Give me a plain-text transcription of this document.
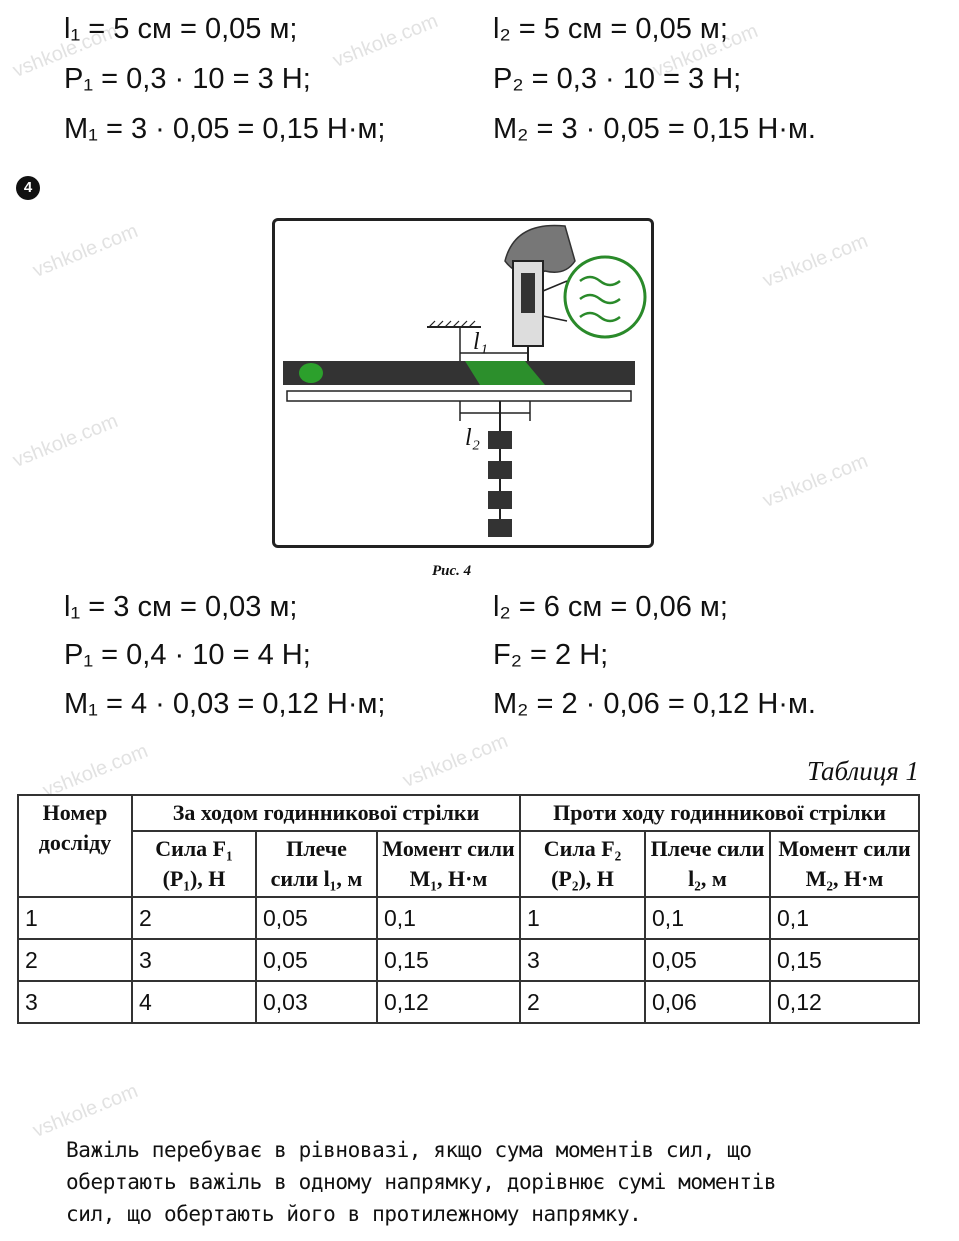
vshkole.com	vshkole.com	vshkole.com
vshkole.com	vshkole.com
vshkole.com
vshkole.com
vshkole.com	vshkole.com
vshkole.com
l₁ = 5 см = 0,05 м;
P₁ = 0,3 · 10 = 3 Н;
M₁ = 3 · 0,05 = 0,15 Н·м;
l₂ = 5 см = 0,05 м;
P₂ = 0,3 · 10 = 3 Н;
M₂ = 3 · 0,05 = 0,15 Н·м.
4
l₁
l₂
Рис. 4
l₁ = 3 см = 0,03 м;
P₁ = 0,4 · 10 = 4 Н;
M₁ = 4 · 0,03 = 0,12 Н·м;
l₂ = 6 см = 0,06 м;
F₂ = 2 Н;
M₂ = 2 · 0,06 = 0,12 Н·м.
Таблиця 1
Номер досліду	За ходом годинникової стрілки			Проти ходу годинникової стрілки		
	Сила F₁ (P₁), Н	Плече сили l₁, м	Момент сили M₁, Н·м	Сила F₂ (P₂), Н	Плече сили l₂, м	Момент сили M₂, Н·м
1	2	0,05	0,1	1	0,1	0,1
2	3	0,05	0,15	3	0,05	0,15
3	4	0,03	0,12	2	0,06	0,12
Важіль перебуває в рівновазі, якщо сума моментів сил, що
обертають важіль в одному напрямку, дорівнює сумі моментів
сил, що обертають його в протилежному напрямку.
